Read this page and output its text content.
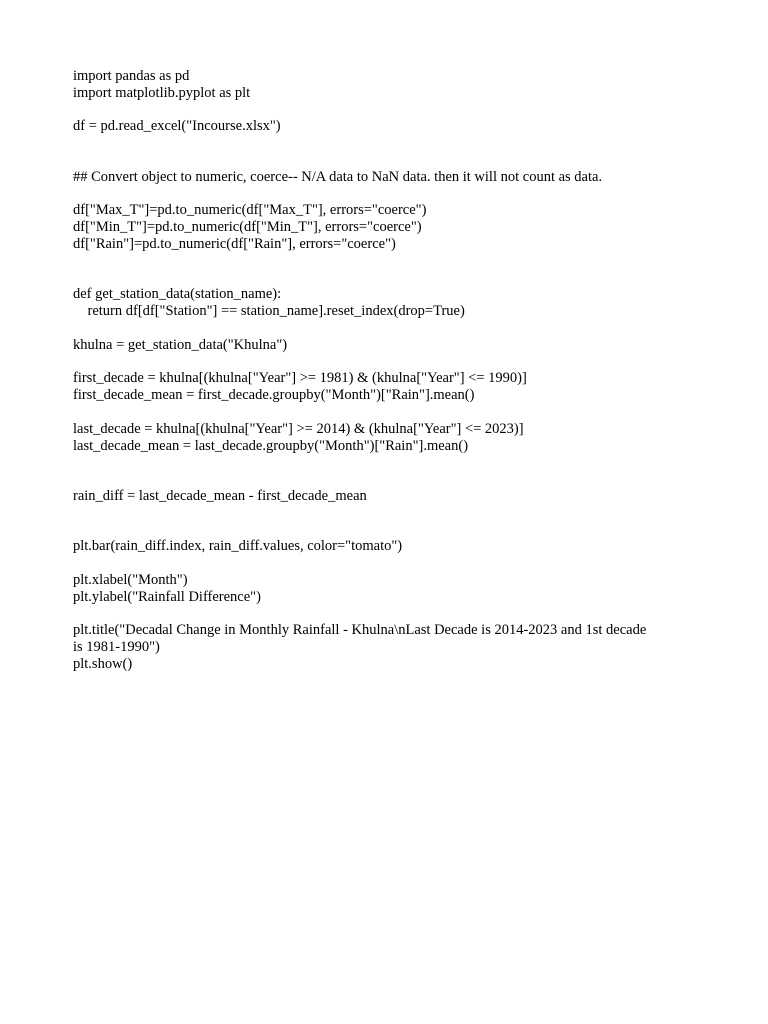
import pandas as pd
import matplotlib.pyplot as plt
df = pd.read_excel("Incourse.xlsx")
## Convert object to numeric, coerce-- N/A data to NaN data. then it will not count as data.
df["Max_T"]=pd.to_numeric(df["Max_T"], errors="coerce")
df["Min_T"]=pd.to_numeric(df["Min_T"], errors="coerce")
df["Rain"]=pd.to_numeric(df["Rain"], errors="coerce")
def get_station_data(station_name):
return df[df["Station"] == station_name].reset_index(drop=True)
khulna = get_station_data("Khulna")
first_decade = khulna[(khulna["Year"] >= 1981) & (khulna["Year"] <= 1990)]
first_decade_mean = first_decade.groupby("Month")["Rain"].mean()
last_decade = khulna[(khulna["Year"] >= 2014) & (khulna["Year"] <= 2023)]
last_decade_mean = last_decade.groupby("Month")["Rain"].mean()
rain_diff = last_decade_mean - first_decade_mean
plt.bar(rain_diff.index, rain_diff.values, color="tomato")
plt.xlabel("Month")
plt.ylabel("Rainfall Difference")
plt.title("Decadal Change in Monthly Rainfall - Khulna\nLast Decade is 2014-2023 and 1st decade
is 1981-1990")
plt.show()
